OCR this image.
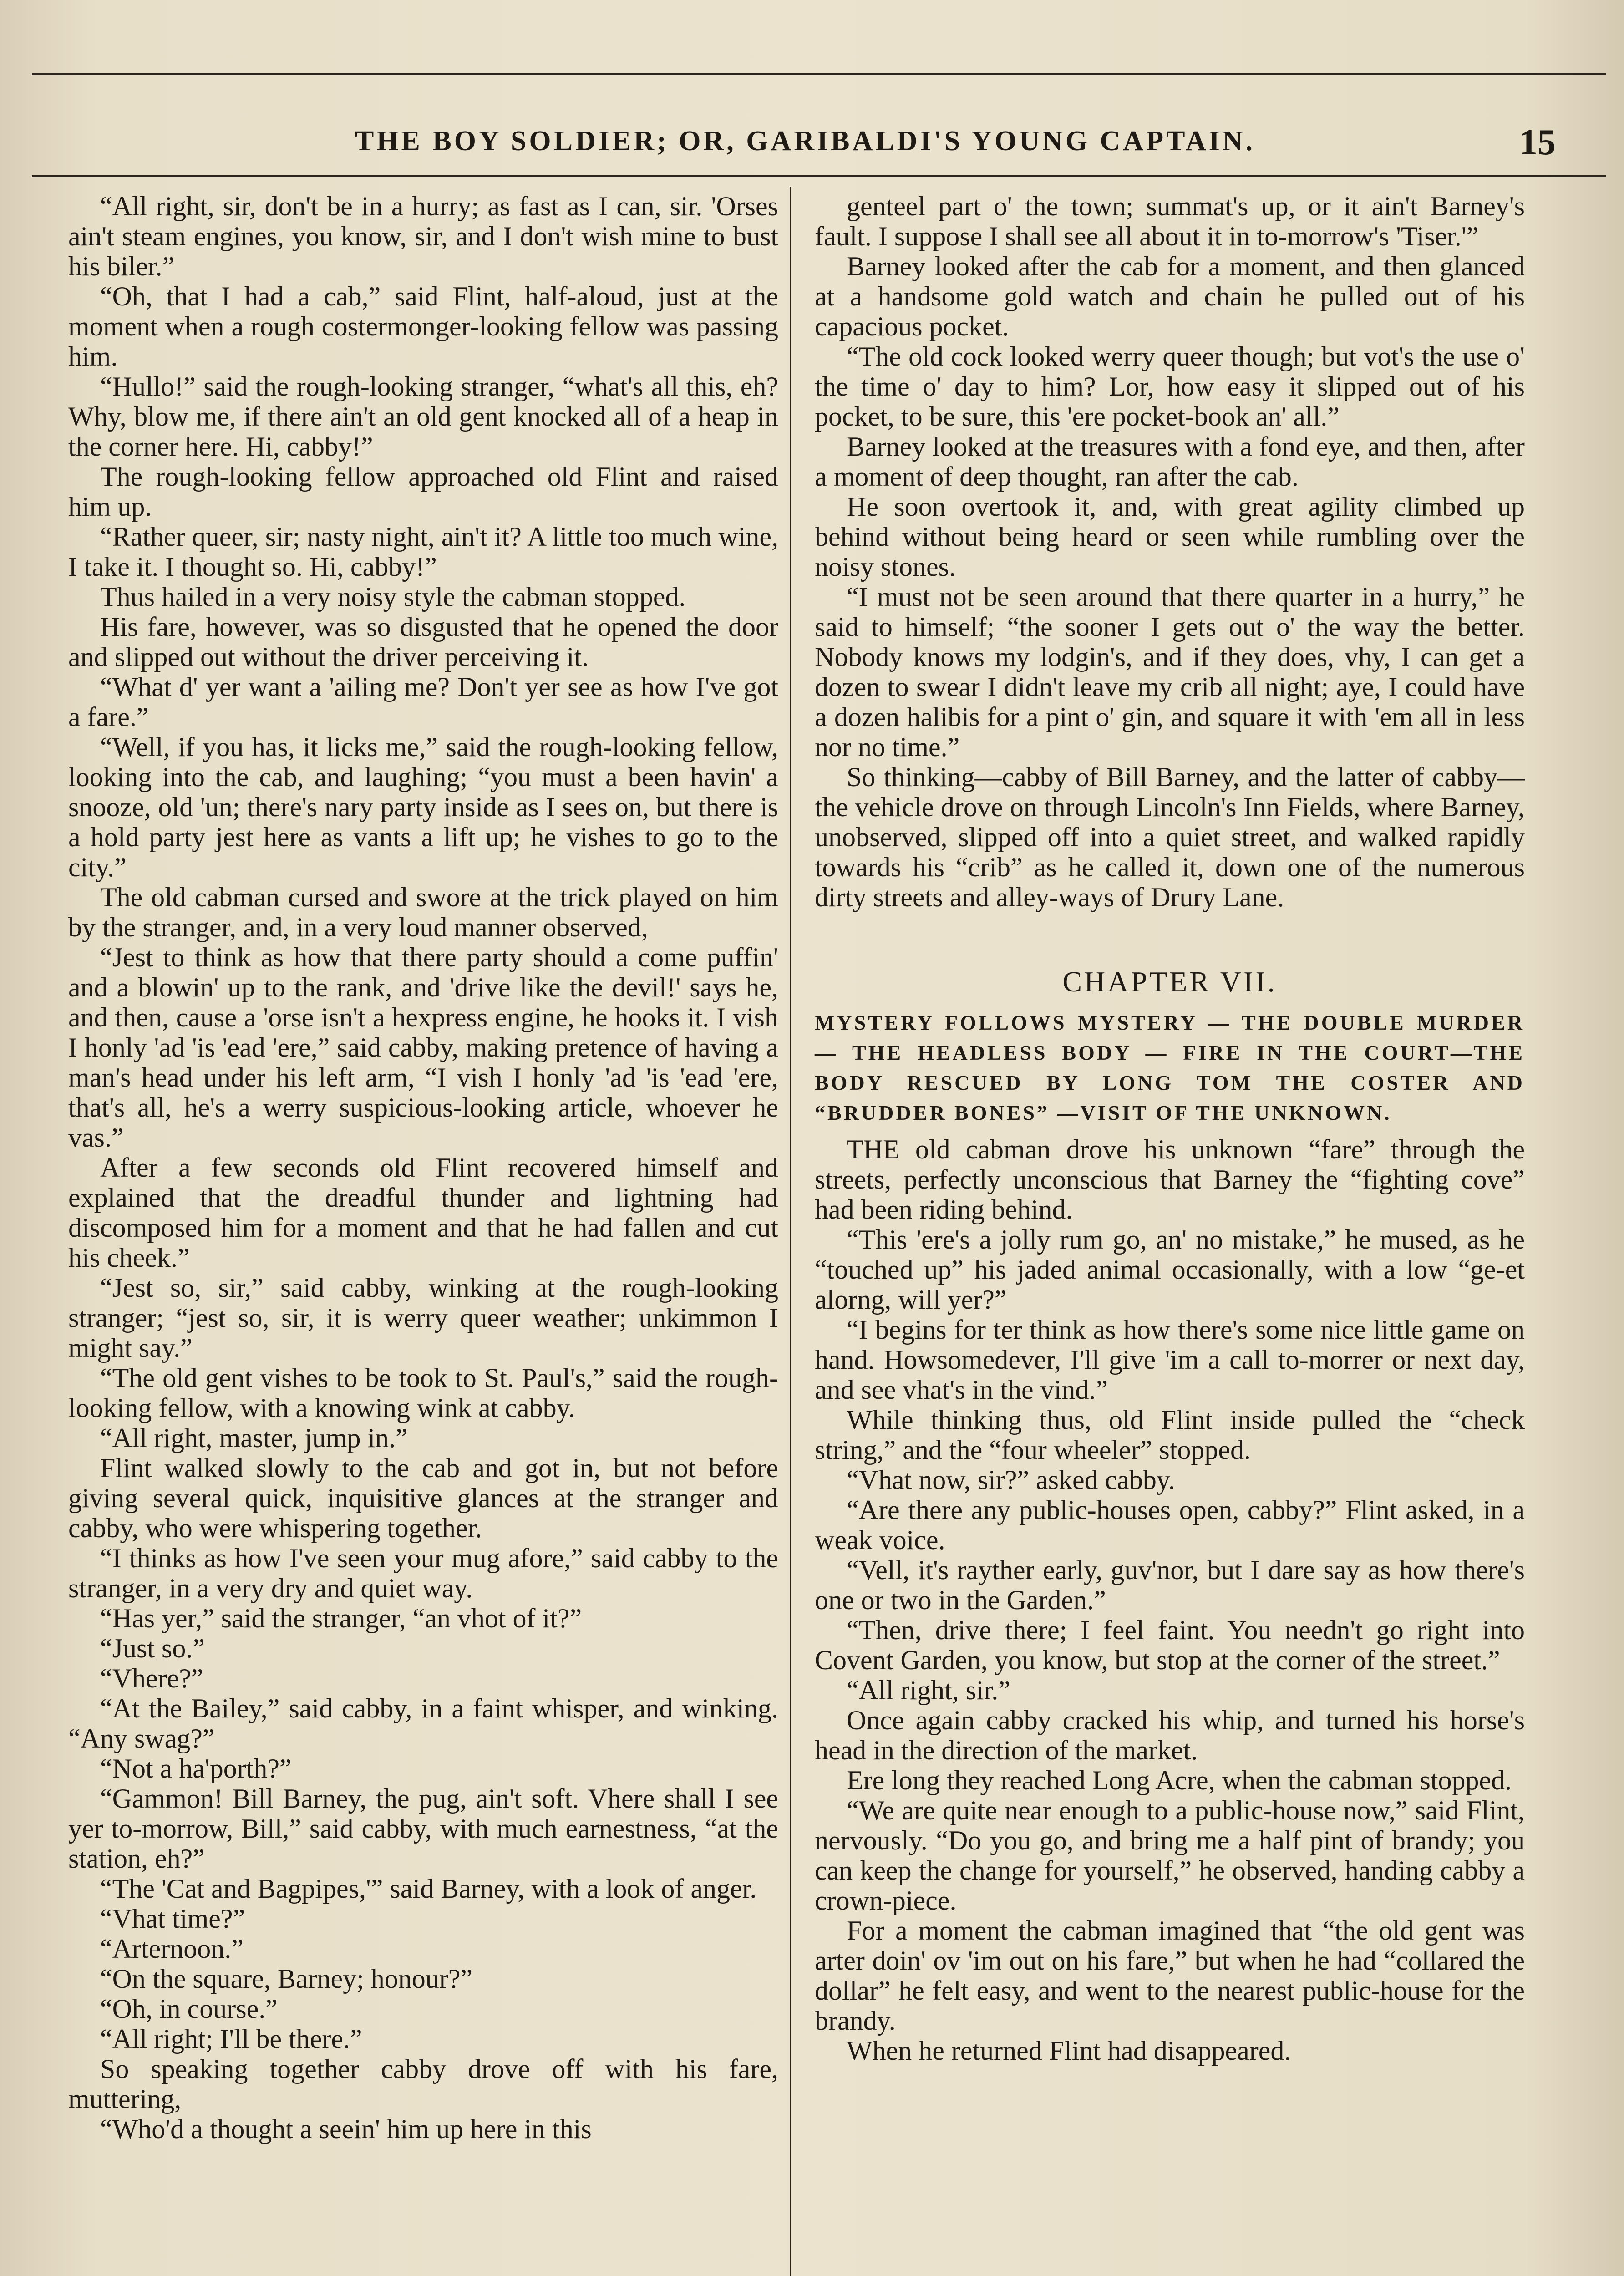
THE BOY SOLDIER; OR, GARIBALDI'S YOUNG CAPTAIN.	15

“All right, sir, don't be in a hurry; as fast as I can, sir. 'Orses ain't steam engines, you know, sir, and I don't wish mine to bust his biler.”

“Oh, that I had a cab,” said Flint, half-aloud, just at the moment when a rough costermonger-looking fellow was passing him.

“Hullo!” said the rough-looking stranger, “what's all this, eh? Why, blow me, if there ain't an old gent knocked all of a heap in the corner here. Hi, cabby!”

The rough-looking fellow approached old Flint and raised him up.

“Rather queer, sir; nasty night, ain't it? A little too much wine, I take it. I thought so. Hi, cabby!”

Thus hailed in a very noisy style the cabman stopped.

His fare, however, was so disgusted that he opened the door and slipped out without the driver perceiving it.

“What d' yer want a 'ailing me? Don't yer see as how I've got a fare.”

“Well, if you has, it licks me,” said the rough-looking fellow, looking into the cab, and laughing; “you must a been havin' a snooze, old 'un; there's nary party inside as I sees on, but there is a hold party jest here as vants a lift up; he vishes to go to the city.”

The old cabman cursed and swore at the trick played on him by the stranger, and, in a very loud manner observed,

“Jest to think as how that there party should a come puffin' and a blowin' up to the rank, and 'drive like the devil!' says he, and then, cause a 'orse isn't a hexpress engine, he hooks it. I vish I honly 'ad 'is 'ead 'ere,” said cabby, making pretence of having a man's head under his left arm, “I vish I honly 'ad 'is 'ead 'ere, that's all, he's a werry suspicious-looking article, whoever he vas.”

After a few seconds old Flint recovered himself and explained that the dreadful thunder and lightning had discomposed him for a moment and that he had fallen and cut his cheek.”

“Jest so, sir,” said cabby, winking at the rough-looking stranger; “jest so, sir, it is werry queer weather; unkimmon I might say.”

“The old gent vishes to be took to St. Paul's,” said the rough-looking fellow, with a knowing wink at cabby.

“All right, master, jump in.”

Flint walked slowly to the cab and got in, but not before giving several quick, inquisitive glances at the stranger and cabby, who were whispering together.

“I thinks as how I've seen your mug afore,” said cabby to the stranger, in a very dry and quiet way.

“Has yer,” said the stranger, “an vhot of it?”

“Just so.”

“Vhere?”

“At the Bailey,” said cabby, in a faint whisper, and winking. “Any swag?”

“Not a ha'porth?”

“Gammon! Bill Barney, the pug, ain't soft. Vhere shall I see yer to-morrow, Bill,” said cabby, with much earnestness, “at the station, eh?”

“The 'Cat and Bagpipes,'” said Barney, with a look of anger.

“Vhat time?”

“Arternoon.”

“On the square, Barney; honour?”

“Oh, in course.”

“All right; I'll be there.”

So speaking together cabby drove off with his fare, muttering,

“Who'd a thought a seein' him up here in this

genteel part o' the town; summat's up, or it ain't Barney's fault. I suppose I shall see all about it in to-morrow's 'Tiser.'”

Barney looked after the cab for a moment, and then glanced at a handsome gold watch and chain he pulled out of his capacious pocket.

“The old cock looked werry queer though; but vot's the use o' the time o' day to him? Lor, how easy it slipped out of his pocket, to be sure, this 'ere pocket-book an' all.”

Barney looked at the treasures with a fond eye, and then, after a moment of deep thought, ran after the cab.

He soon overtook it, and, with great agility climbed up behind without being heard or seen while rumbling over the noisy stones.

“I must not be seen around that there quarter in a hurry,” he said to himself; “the sooner I gets out o' the way the better. Nobody knows my lodgin's, and if they does, vhy, I can get a dozen to swear I didn't leave my crib all night; aye, I could have a dozen halibis for a pint o' gin, and square it with 'em all in less nor no time.”

So thinking—cabby of Bill Barney, and the latter of cabby—the vehicle drove on through Lincoln's Inn Fields, where Barney, unobserved, slipped off into a quiet street, and walked rapidly towards his “crib” as he called it, down one of the numerous dirty streets and alley-ways of Drury Lane.

CHAPTER VII.

MYSTERY FOLLOWS MYSTERY — THE DOUBLE MURDER — THE HEADLESS BODY — FIRE IN THE COURT—THE BODY RESCUED BY LONG TOM THE COSTER AND “BRUDDER BONES” —VISIT OF THE UNKNOWN.

THE old cabman drove his unknown “fare” through the streets, perfectly unconscious that Barney the “fighting cove” had been riding behind.

“This 'ere's a jolly rum go, an' no mistake,” he mused, as he “touched up” his jaded animal occasionally, with a low “ge-et alorng, will yer?”

“I begins for ter think as how there's some nice little game on hand. Howsomedever, I'll give 'im a call to-morrer or next day, and see vhat's in the vind.”

While thinking thus, old Flint inside pulled the “check string,” and the “four wheeler” stopped.

“Vhat now, sir?” asked cabby.

“Are there any public-houses open, cabby?” Flint asked, in a weak voice.

“Vell, it's rayther early, guv'nor, but I dare say as how there's one or two in the Garden.”

“Then, drive there; I feel faint. You needn't go right into Covent Garden, you know, but stop at the corner of the street.”

“All right, sir.”

Once again cabby cracked his whip, and turned his horse's head in the direction of the market.

Ere long they reached Long Acre, when the cabman stopped.

“We are quite near enough to a public-house now,” said Flint, nervously. “Do you go, and bring me a half pint of brandy; you can keep the change for yourself,” he observed, handing cabby a crown-piece.

For a moment the cabman imagined that “the old gent was arter doin' ov 'im out on his fare,” but when he had “collared the dollar” he felt easy, and went to the nearest public-house for the brandy.

When he returned Flint had disappeared.
